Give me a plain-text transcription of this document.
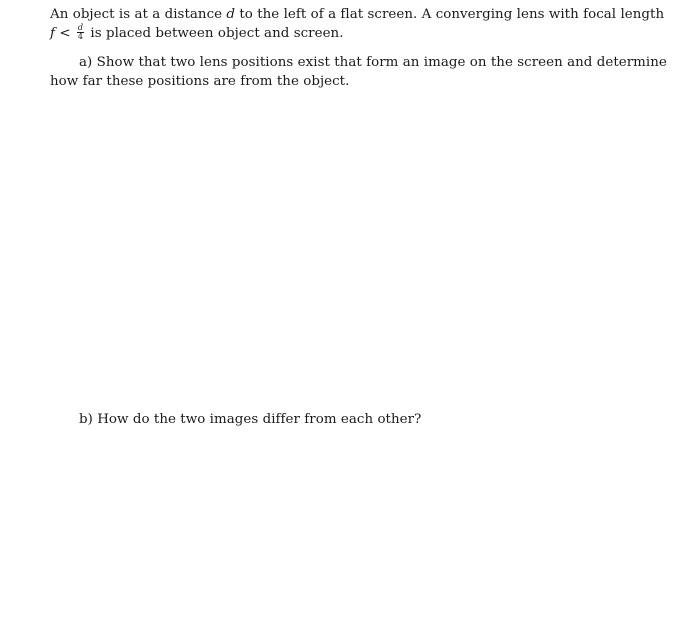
An object is at a distance d to the left of a flat screen. A converging lens with focal length
$f < \frac{d}{4}$ is placed between object and screen.
a) Show that two lens positions exist that form an image on the screen and determine
how far these positions are from the object.
b) How do the two images differ from each other?
